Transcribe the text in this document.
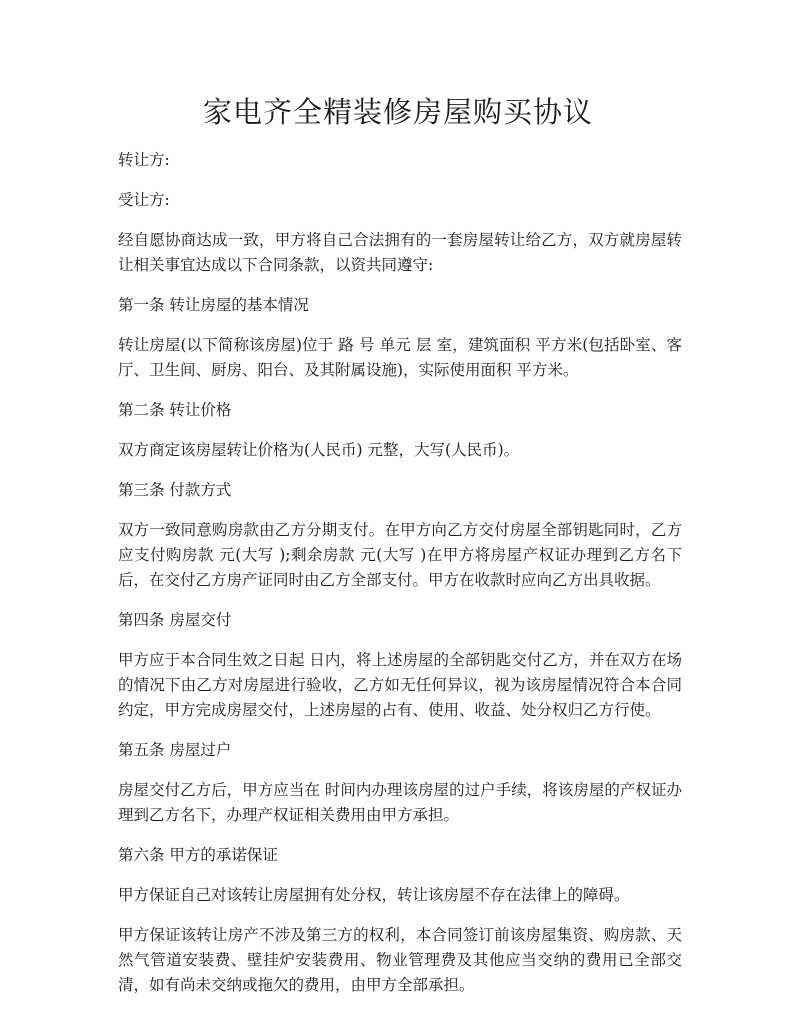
家电齐全精装修房屋购买协议

转让方:

受让方:

经自愿协商达成一致，甲方将自己合法拥有的一套房屋转让给乙方，双方就房屋转让相关事宜达成以下合同条款，以资共同遵守:

第一条 转让房屋的基本情况

转让房屋(以下简称该房屋)位于 路 号 单元 层 室，建筑面积 平方米(包括卧室、客厅、卫生间、厨房、阳台、及其附属设施)，实际使用面积 平方米。

第二条 转让价格

双方商定该房屋转让价格为(人民币) 元整，大写(人民币)。

第三条 付款方式

双方一致同意购房款由乙方分期支付。在甲方向乙方交付房屋全部钥匙同时，乙方应支付购房款 元(大写 );剩余房款 元(大写 )在甲方将房屋产权证办理到乙方名下后，在交付乙方房产证同时由乙方全部支付。甲方在收款时应向乙方出具收据。

第四条 房屋交付

甲方应于本合同生效之日起 日内，将上述房屋的全部钥匙交付乙方，并在双方在场的情况下由乙方对房屋进行验收，乙方如无任何异议，视为该房屋情况符合本合同约定，甲方完成房屋交付，上述房屋的占有、使用、收益、处分权归乙方行使。

第五条 房屋过户

房屋交付乙方后，甲方应当在 时间内办理该房屋的过户手续，将该房屋的产权证办理到乙方名下，办理产权证相关费用由甲方承担。

第六条 甲方的承诺保证

甲方保证自己对该转让房屋拥有处分权，转让该房屋不存在法律上的障碍。

甲方保证该转让房产不涉及第三方的权利，本合同签订前该房屋集资、购房款、天然气管道安装费、壁挂炉安装费用、物业管理费及其他应当交纳的费用已全部交清，如有尚未交纳或拖欠的费用，由甲方全部承担。
